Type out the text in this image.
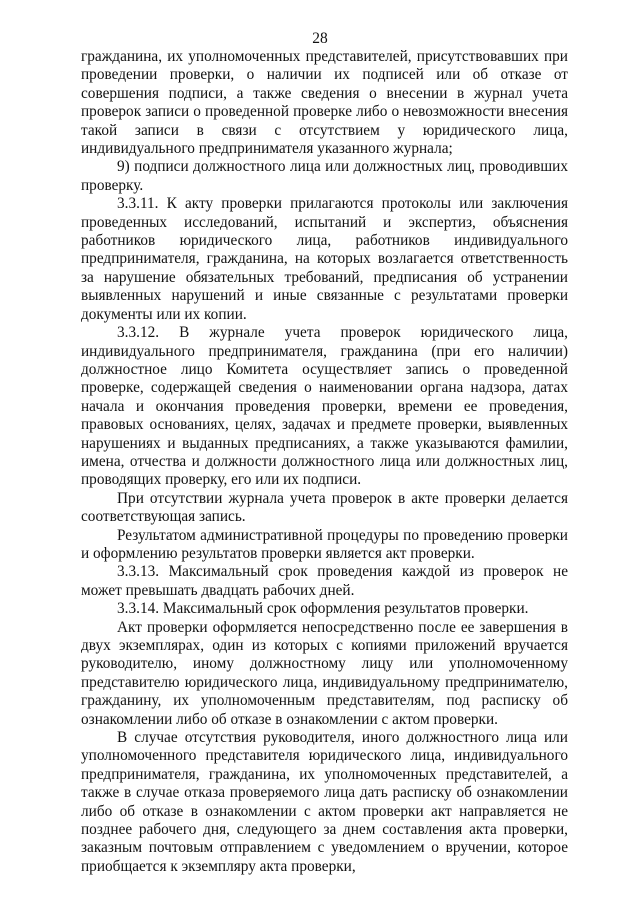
28

гражданина, их уполномоченных представителей, присутствовавших при проведении проверки, о наличии их подписей или об отказе от совершения подписи, а также сведения о внесении в журнал учета проверок записи о проведенной проверке либо о невозможности внесения такой записи в связи с отсутствием у юридического лица, индивидуального предпринимателя указанного журнала;

9) подписи должностного лица или должностных лиц, проводивших проверку.

3.3.11. К акту проверки прилагаются протоколы или заключения проведенных исследований, испытаний и экспертиз, объяснения работников юридического лица, работников индивидуального предпринимателя, гражданина, на которых возлагается ответственность за нарушение обязательных требований, предписания об устранении выявленных нарушений и иные связанные с результатами проверки документы или их копии.

3.3.12. В журнале учета проверок юридического лица, индивидуального предпринимателя, гражданина (при его наличии) должностное лицо Комитета осуществляет запись о проведенной проверке, содержащей сведения о наименовании органа надзора, датах начала и окончания проведения проверки, времени ее проведения, правовых основаниях, целях, задачах и предмете проверки, выявленных нарушениях и выданных предписаниях, а также указываются фамилии, имена, отчества и должности должностного лица или должностных лиц, проводящих проверку, его или их подписи.

При отсутствии журнала учета проверок в акте проверки делается соответствующая запись.

Результатом административной процедуры по проведению проверки и оформлению результатов проверки является акт проверки.

3.3.13. Максимальный срок проведения каждой из проверок не может превышать двадцать рабочих дней.

3.3.14. Максимальный срок оформления результатов проверки.

Акт проверки оформляется непосредственно после ее завершения в двух экземплярах, один из которых с копиями приложений вручается руководителю, иному должностному лицу или уполномоченному представителю юридического лица, индивидуальному предпринимателю, гражданину, их уполномоченным представителям, под расписку об ознакомлении либо об отказе в ознакомлении с актом проверки.

В случае отсутствия руководителя, иного должностного лица или уполномоченного представителя юридического лица, индивидуального предпринимателя, гражданина, их уполномоченных представителей, а также в случае отказа проверяемого лица дать расписку об ознакомлении либо об отказе в ознакомлении с актом проверки акт направляется не позднее рабочего дня, следующего за днем составления акта проверки, заказным почтовым отправлением с уведомлением о вручении, которое приобщается к экземпляру акта проверки,
